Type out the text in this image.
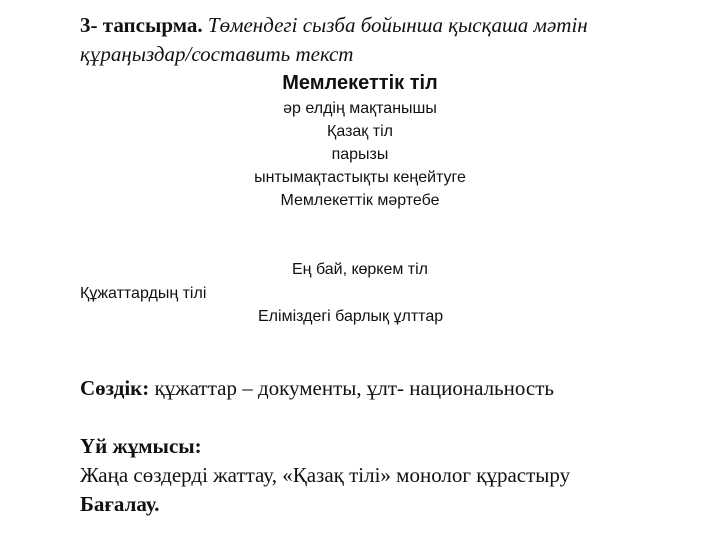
3- тапсырма. Төмендегі сызба бойынша қысқаша мәтін
құраңыздар/составить текст
Мемлекеттік тіл
әр елдің мақтанышы
Қазақ тіл
парызы
ынтымақтастықты кеңейтуге
Мемлекеттік мәртебе
Ең бай, көркем тіл
Құжаттардың тілі
Еліміздегі барлық ұлттар
Сөздік: құжаттар – документы, ұлт- национальность
Үй жұмысы:
Жаңа сөздерді жаттау, «Қазақ тілі» монолог құрастыру
Бағалау.
